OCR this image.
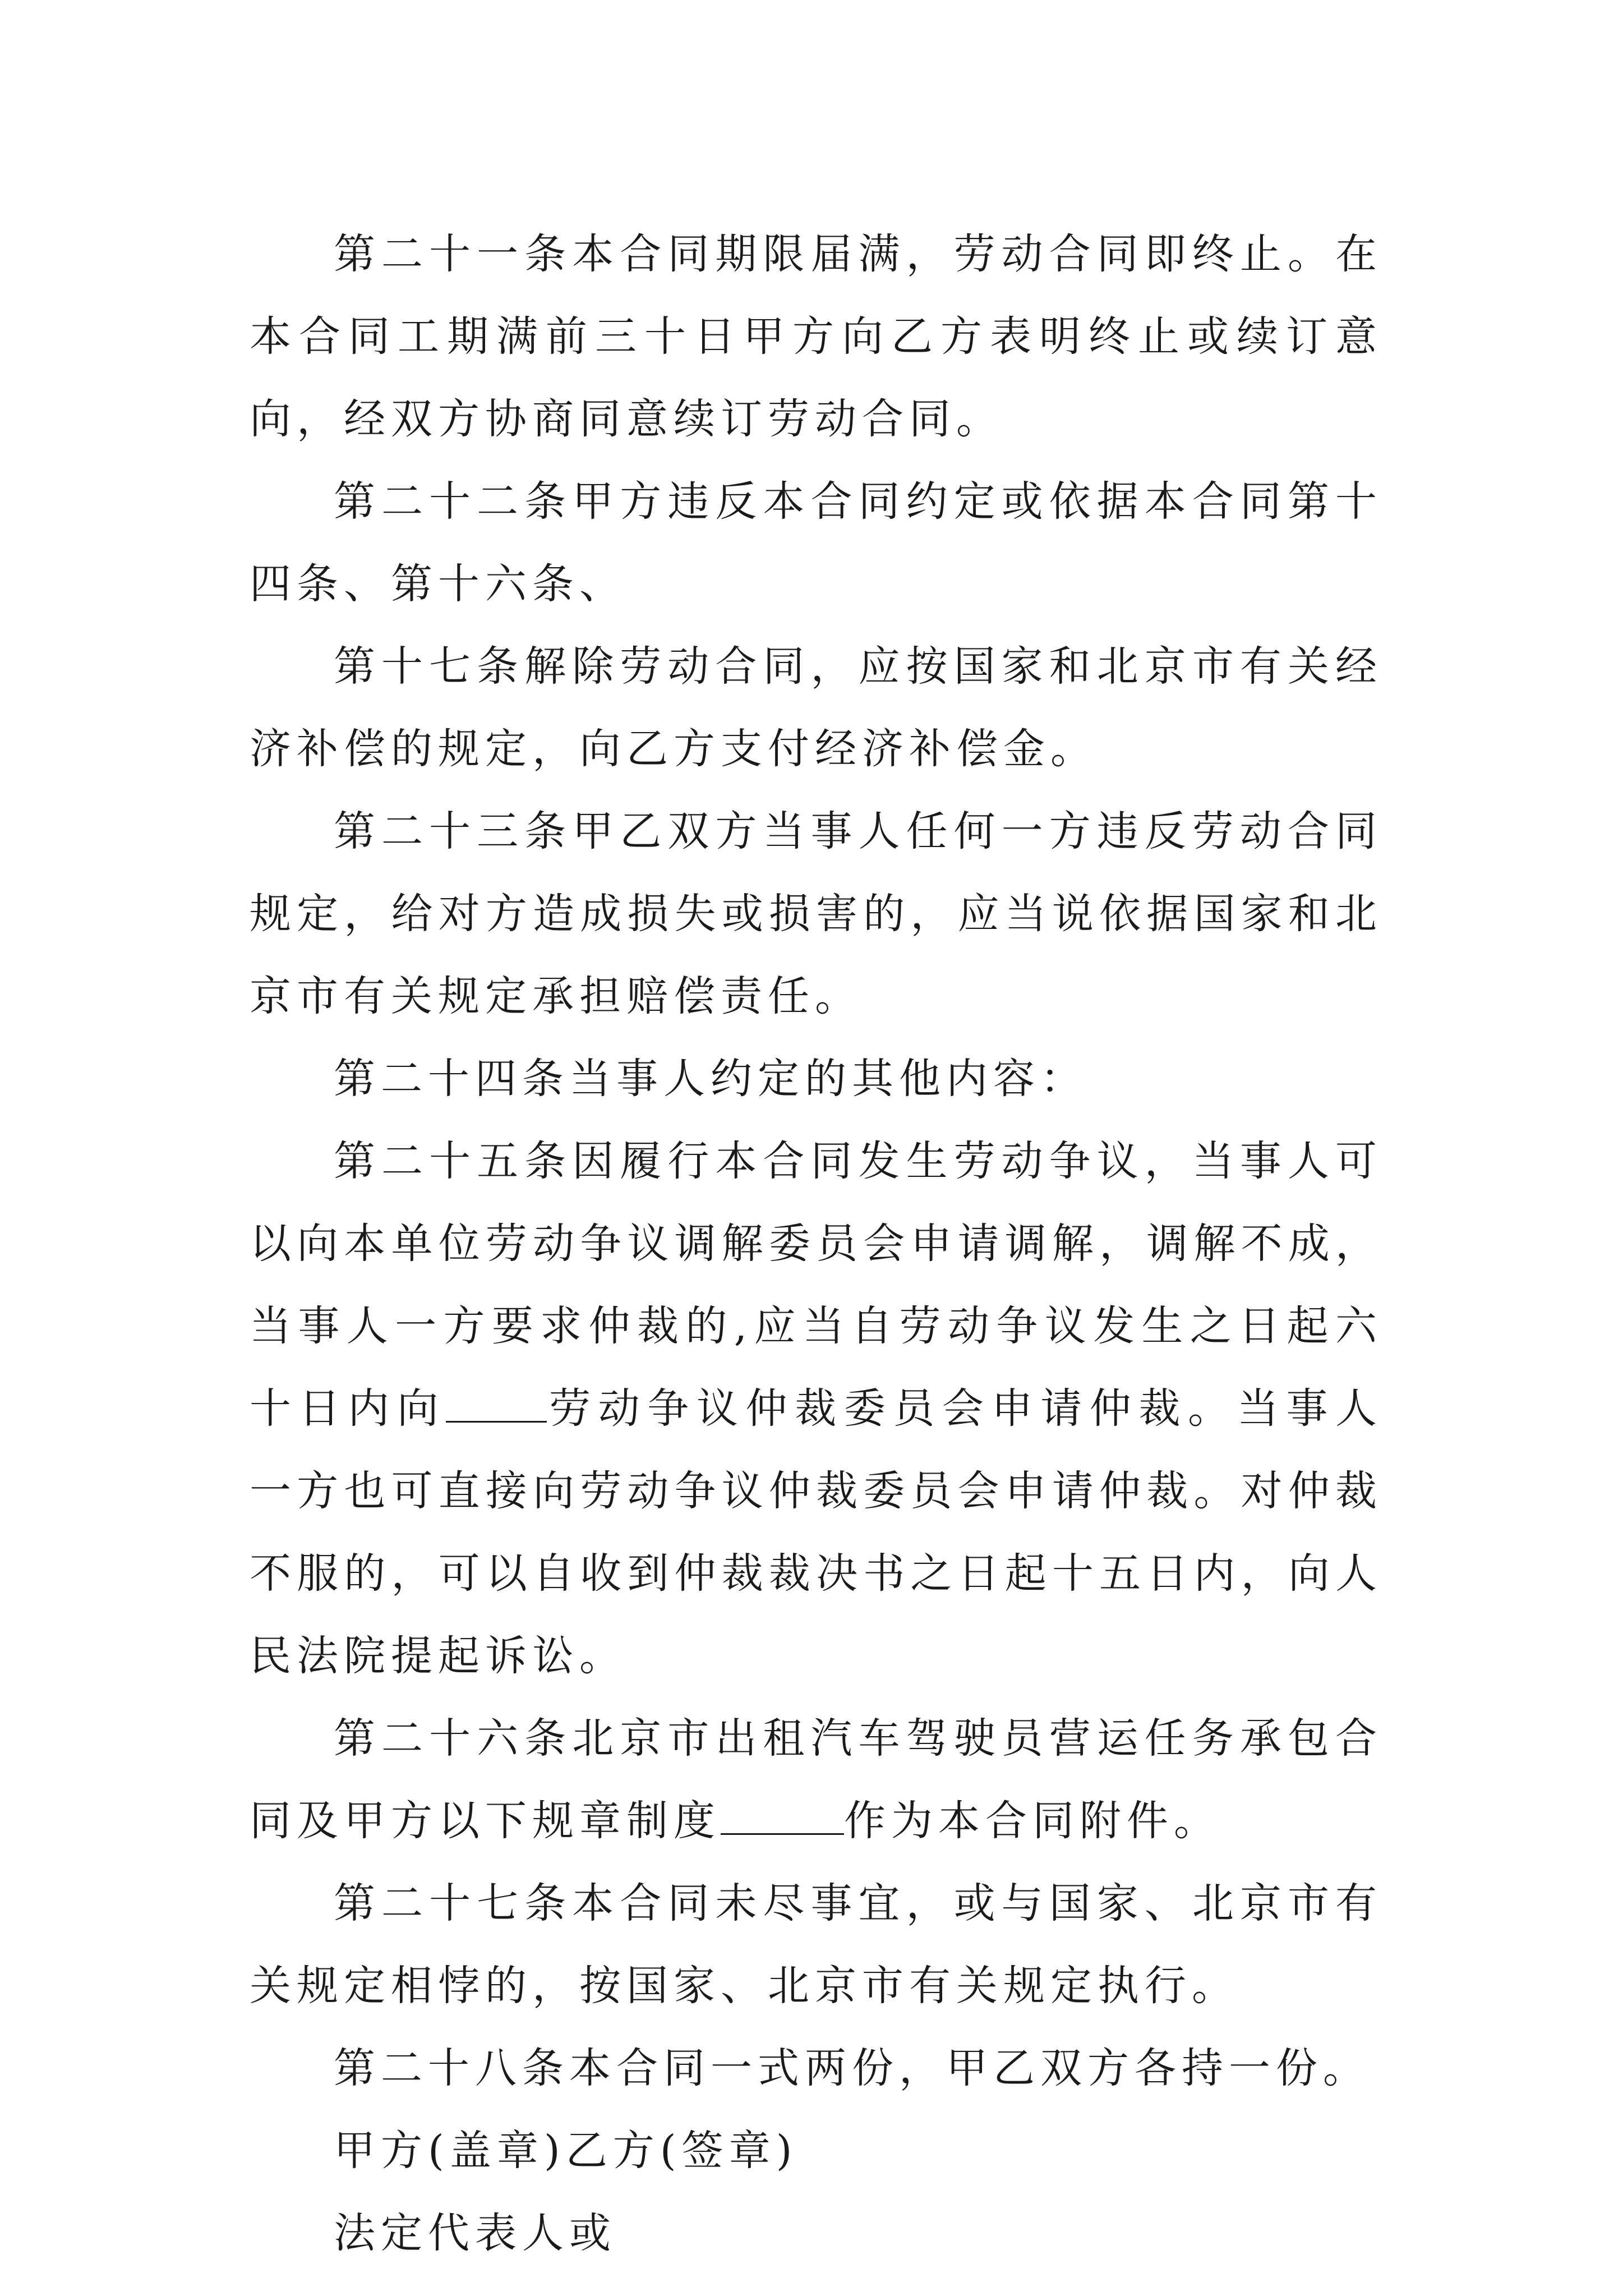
第二十一条本合同期限届满，劳动合同即终止。在本合同工期满前三十日甲方向乙方表明终止或续订意向，经双方协商同意续订劳动合同。

第二十二条甲方违反本合同约定或依据本合同第十四条、第十六条、

第十七条解除劳动合同，应按国家和北京市有关经济补偿的规定，向乙方支付经济补偿金。

第二十三条甲乙双方当事人任何一方违反劳动合同规定，给对方造成损失或损害的，应当说依据国家和北京市有关规定承担赔偿责任。

第二十四条当事人约定的其他内容：

第二十五条因履行本合同发生劳动争议，当事人可以向本单位劳动争议调解委员会申请调解，调解不成，当事人一方要求仲裁的,应当自劳动争议发生之日起六十日内向 劳动争议仲裁委员会申请仲裁。当事人一方也可直接向劳动争议仲裁委员会申请仲裁。对仲裁不服的，可以自收到仲裁裁决书之日起十五日内，向人民法院提起诉讼。

第二十六条北京市出租汽车驾驶员营运任务承包合同及甲方以下规章制度	作为本合同附件。

第二十七条本合同未尽事宜，或与国家、北京市有关规定相悖的，按国家、北京市有关规定执行。

第二十八条本合同一式两份，甲乙双方各持一份。

甲方(盖章)乙方(签章)

法定代表人或
